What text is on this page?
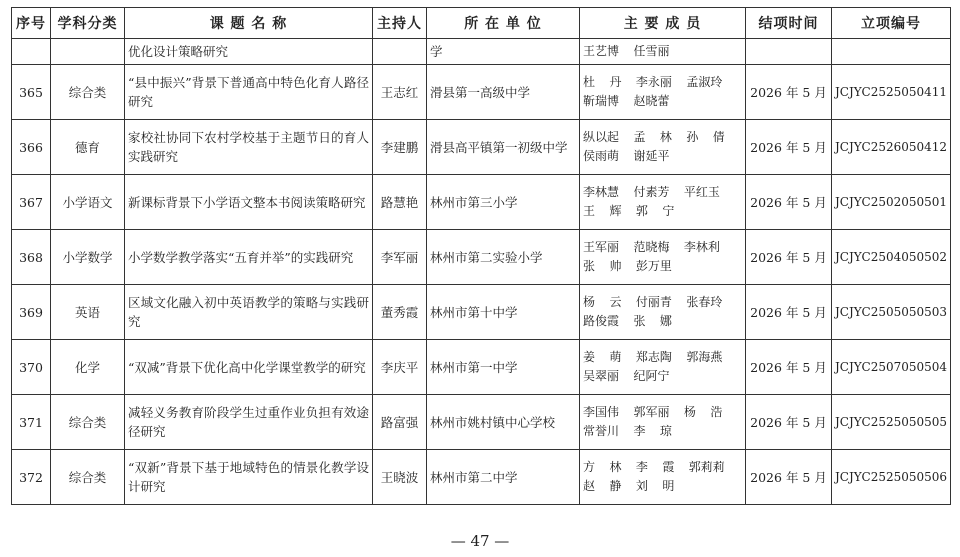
序号	学科分类	课 题 名 称	主持人	所 在 单 位	主 要 成 员	结项时间	立项编号
		优化设计策略研究		学	王艺博  任雪丽		
365	综合类	“县中振兴”背景下普通高中特色化育人路径研究	王志红	滑县第一高级中学	杜  丹  李永丽  孟淑玲
靳瑞博  赵晓蕾	2026 年 5 月	JCJYC2525050411
366	德育	家校社协同下农村学校基于主题节日的育人实践研究	李建鹏	滑县高平镇第一初级中学	纵以起  孟  林  孙  倩
侯雨萌  谢延平	2026 年 5 月	JCJYC2526050412
367	小学语文	新课标背景下小学语文整本书阅读策略研究	路慧艳	林州市第三小学	李林慧  付素芳  平红玉
王  辉  郭  宁	2026 年 5 月	JCJYC2502050501
368	小学数学	小学数学教学落实“五育并举”的实践研究	李军丽	林州市第二实验小学	王军丽  范晓梅  李林利
张  帅  彭万里	2026 年 5 月	JCJYC2504050502
369	英语	区域文化融入初中英语教学的策略与实践研究	董秀霞	林州市第十中学	杨  云  付丽青  张春玲
路俊霞  张  娜	2026 年 5 月	JCJYC2505050503
370	化学	“双减”背景下优化高中化学课堂教学的研究	李庆平	林州市第一中学	姜  萌  郑志陶  郭海燕
吴翠丽  纪阿宁	2026 年 5 月	JCJYC2507050504
371	综合类	减轻义务教育阶段学生过重作业负担有效途径研究	路富强	林州市姚村镇中心学校	李国伟  郭军丽  杨  浩
常誉川  李  琼	2026 年 5 月	JCJYC2525050505
372	综合类	“双新”背景下基于地域特色的情景化教学设计研究	王晓波	林州市第二中学	方  林  李  霞  郭莉莉
赵  静  刘  明	2026 年 5 月	JCJYC2525050506
— 47 —
